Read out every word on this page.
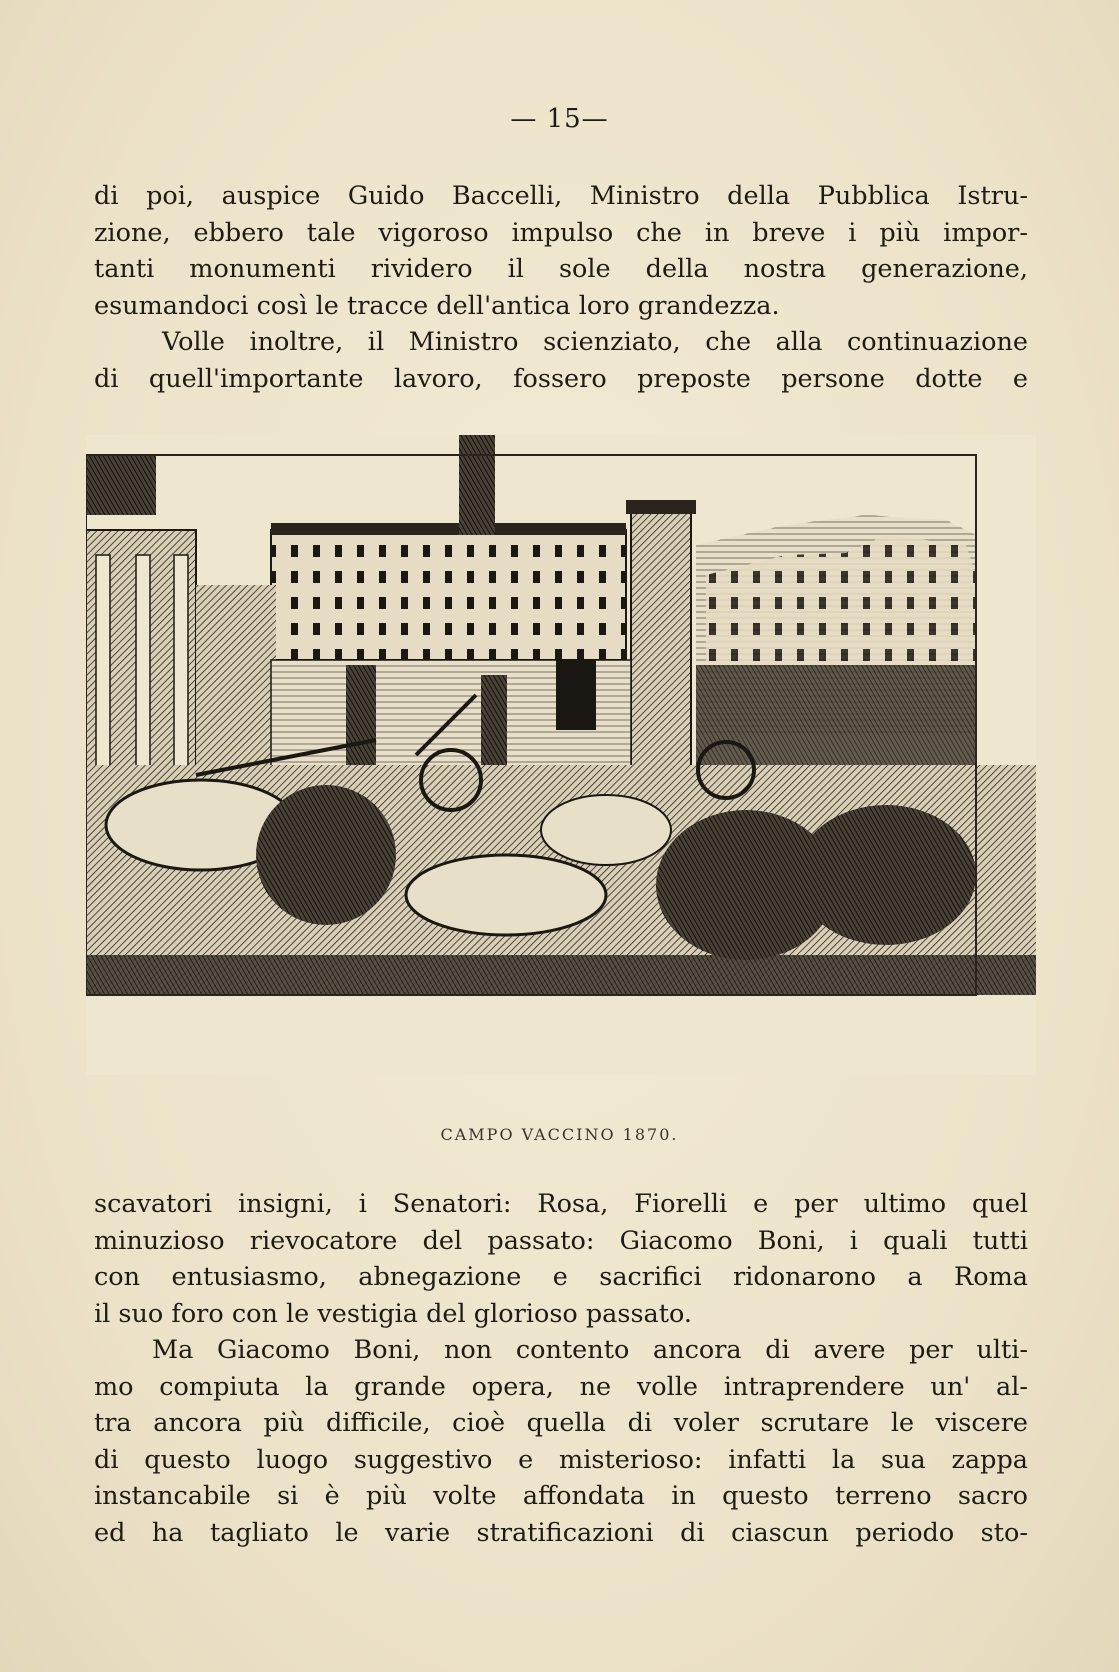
— 15—

di poi, auspice Guido Baccelli, Ministro della Pubblica Istru-
zione, ebbero tale vigoroso impulso che in breve i più impor-
tanti monumenti rividero il sole della nostra generazione,
esumandoci così le tracce dell'antica loro grandezza.
Volle inoltre, il Ministro scienziato, che alla continuazione
di quell'importante lavoro, fossero preposte persone dotte e

CAMPO VACCINO 1870.

scavatori insigni, i Senatori: Rosa, Fiorelli e per ultimo quel
minuzioso rievocatore del passato: Giacomo Boni, i quali tutti
con entusiasmo, abnegazione e sacrifici ridonarono a Roma
il suo foro con le vestigia del glorioso passato.
Ma Giacomo Boni, non contento ancora di avere per ulti-
mo compiuta la grande opera, ne volle intraprendere un' al-
tra ancora più difficile, cioè quella di voler scrutare le viscere
di questo luogo suggestivo e misterioso: infatti la sua zappa
instancabile si è più volte affondata in questo terreno sacro
ed ha tagliato le varie stratificazioni di ciascun periodo sto-
